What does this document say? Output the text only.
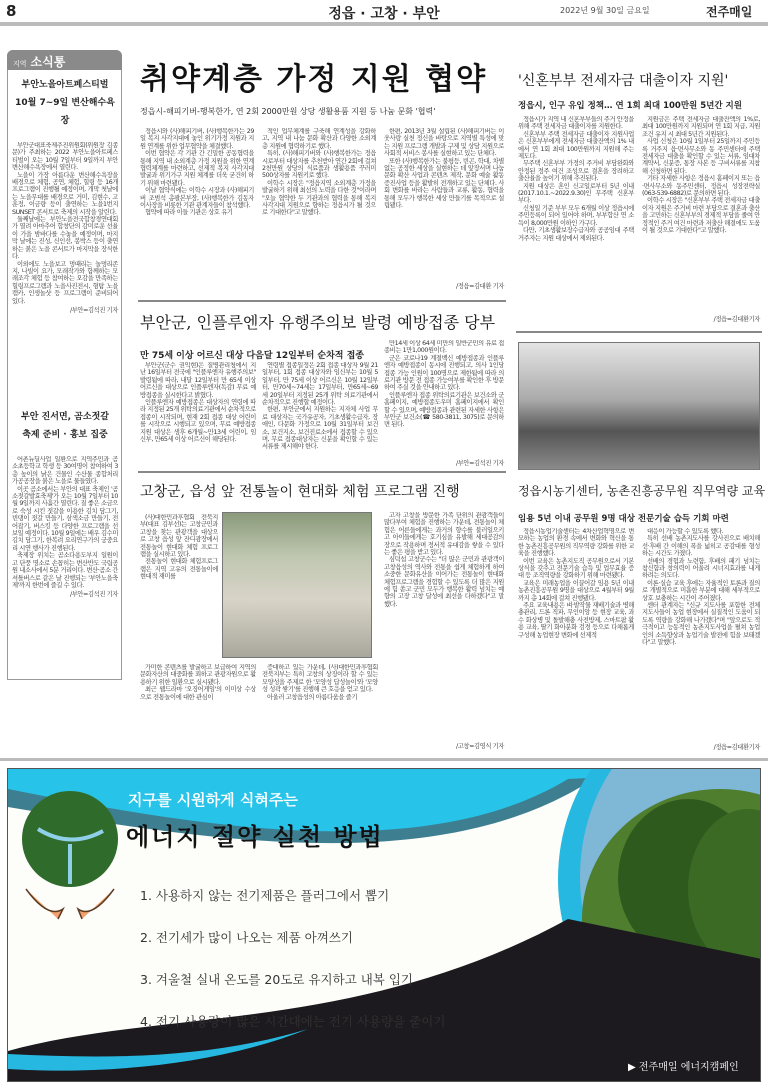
8	정읍 · 고창 · 부안	2022년 9월 30일 금요일	전주매일
지역 소식통
부안노을아트페스티벌
10월 7~9일 변산해수욕장

부안군대표축제추진위원회(위원장 김종문)가 주최하는 2022 부안노을아트페스티벌이 오는 10월 7일부터 9일까지 부안변산해수욕장에서 열린다.

노을이 가장 아름다운 변산해수욕장을 배경으로 체험, 공연, 체험, 힐링 등 16개 프로그램이 진행될 예정이며, 개막 첫날에는 노을무대를 배경으로 거미, 김현수, 고훈정, 이금량 등이 출연하는 노을1번지 SUNSET 콘서트로 축제의 시작을 알린다.

둘째날에는 부안노을전국합창경연대회가 열려 아마추어 합창단의 감미로운 선율이 가을 밤바다를 수놓을 예정이며, 마지막 날에는 진성, 신인선, 봉박스 등이 출연하는 붉은 노을 콘서트가 마지막을 장식한다.

이외에도 노을보고 멍때리는 놀멍리존지, 나빌이 요가, 모래작가와 함께하는 모래조각 체험 등 참여하는 오감을 만족하는 힐링프로그램과 노을사진전시, 형탐 노을캠카, 인생놀샷 등 프로그램이 준비되어 있다.

/부안=김석진 기자
부안 진서면, 곰소젓갈
축제 준비 · 홍보 집중

어촌뉴딜사업 일환으로 지역주민과 곰소초등학교 학생 등 30여명이 참여하여 3층 높이의 낡은 건물인 수산물 종합처리 가공공장을 붉은 노을로 물들였다.

이곳 곰소에서는 부안의 대표 축제인 '곰소젓갈발효축제'가 오는 10월 7일부터 10월 9일까지 사흘간 열린다. 질 좋은 소금으로 숙성 시킨 젓갈을 이용한 김치 담그기, 빈댕이 젓갈 만들기, 삼색소금 만들기, 전어잡기, 버스킹 등 다양한 프로그램을 선보일 예정이다. 10월 9일에는 배우 김수미 김치 담그기, 한복려 요리연구가의 궁중요리 시연 행사가 진행된다.

축제장 위치는 곰소다용도부지 일원이고 단풍 명소로 손꼽히는 변산반도 국립공원 내소사에서 5분 거리이다. 변산·곰소 간 셔틀버스로 같은 날 진행되는 '부안노을축제'까지 한번에 즐길 수 있다.

/부안=김석진 기자
취약계층 가정 지원 협약
정읍시-해피기버-행복한가, 연 2회 2000만원 상당 생활용품 지원 등 나눔 문화 '협력'

정읍시와 (사)해피기버, (사)행복한가는 29일 복지 사각지대에 놓인 위기가정 지원과 지원 연계를 위한 업무협약을 체결했다.

이번 협약은 각 기관 간 긴밀한 공동협력을 통해 지역 내 소외계층 가정 지원을 위한 연계 협력체계를 마련하고, 선제적 복지 사각지대 발굴과 위기가구 지원 체계를 더욱 굳건히 하기 위해 마련됐다.

이날 협약식에는 이학수 시장과 (사)해피기버 조범석 총괄본부장, (사)행복한가 김동자 이사장을 비롯한 기관 관계자들이 참석했다.

협약에 따라 이들 기관은 상호 유기

적인 업무체계를 구축해 연계성을 강화하고, 지역 내 나눔 문화 확산과 다양한 소외계층 지원에 협력하기로 했다.

특히, (사)해피기버와 (사)행복한가는 정읍시로부터 대상자를 추천받아 연간 2회에 걸쳐 2천만원 상당의 식료품과 생활용품 꾸러미 500상자를 지원키로 했다.

이학수 시장은 "정읍지역 소외계층 가정을 발굴하기 위해 최선의 노력을 다한 것"이라며 "오늘 협약한 두 기관과의 협력을 통해 복지 사각지대 지원으로 향하는 정읍시가 될 것으로 기대한다"고 말했다.

한편, 2013년 3월 설립된 (사)해피기버는 이웃사랑 실천 정신을 바탕으로 지역별 특성에 맞는 지원 프로그램 개발과 구제 및 상담 지원으로 사회적 서비스 봉사를 실현하고 있는 단체다.

또한 (사)행복한가는 불평등, 빈곤, 학대, 차별 없는 공정한 세상을 실현하는 데 앞장서며 나눔문화 확산 사업과 콘텐츠 제작, 문화 예술 활동 증진사업 등을 활발히 전개하고 있는 단체다. 사회 변화를 바라는 사람들과 교류, 활동, 협력을 통해 모두가 행복한 세상 만들기를 목적으로 설립됐다.

/정읍=김대환 기자
부안군, 인플루엔자 유행주의보 발령 예방접종 당부
만 75세 이상 어르신 대상 다음달 12일부터 순차적 접종

부안군(군수 권익현)은 질병관리청에서 지난 16일부터 전국에 "인플루엔자 유행주의보" 발령됨에 따라, 내달 12일부터 만 65세 이상 어르신을 대상으로 인플루엔자(독감) 무료 예방접종을 실시한다고 밝혔다.

인플루엔자 예방접종은 대상자의 연령에 따라 지정된 25개 위탁의료기관에서 순차적으로 접종이 시작되며, 현재 2회 접종 대상 어린이를 시작으로 시행되고 있으며, 무료 예방접종 지원 대상은 생후 6개월~만13세 어린이, 임신부, 만65세 이상 어르신이 해당된다.

연령별 접종일정은 2회 접종 대상자 9월 21일부터, 1회 접종 대상자와 임신부는 10월 5일부터, 만 75세 이상 어르신은 10월 12일부터, 만70세~74세는 17일부터, 만65세~69세 20일부터 지정된 25개 위탁 의료기관에서 순차적으로 진행할 예정이다.

한편, 부안군에서 지원하는 지자체 사업 무료 대상자는 국가유공자, 기초생활수급자, 장애인, 다문화 가정으로 10월 31일부터 보건소, 보건지소, 보건진료소에서 접종할 수 있으며, 무료 접종대상자는 신분을 확인할 수 있는 서류를 제시해야 한다.

만14세 이상 64세 미만의 일반군민의 유료 접종비는 1만1,000원이다.

군은 코로나19 계절백신 예방접종과 인플루엔자 예방접종이 동시에 진행되고, 의사 1인당 접종 가능 인원이 100명으로 제한됨에 따라 의료기관 방문 전 접종 가능여부를 확인한 후 방문하여 주실 것을 안내하고 있다.

인플루엔자 접종 위탁의료기관은 보건소와 군 홈페이지, 예방접종도우미 홈페이지에서 확인할 수 있으며, 예방접종과 관련된 자세한 사항은 부안군 보건소(☎ 580-3811, 3075)로 문의하면 된다.

/부안=김석진 기자
고창군, 읍성 앞 전통놀이 현대화 체험 프로그램 진행

(사)대한민과후협회 전북지부(대표 김부선)는 고창군민과 고창을 찾는 관광객을 대상으로 고창 읍성 앞 잔디광장에서 전통놀이 현대화 체험 프로그램을 실시하고 있다.

전통놀이 현대화 체험프로그램은 지역 고유의 전통놀이에 현대적 재미를

가미한 콘텐츠를 발굴하고 보급하여 지역의 문화자산의 대중화를 꾀하고 관광자원으로 활용하기 위한 일환으로 실시됐다.

최근 웹드라마 '오징어게임'의 이미상 수상으로 전통놀이에 대한 관심이

증대하고 있는 가운데, (사)대한민과후협회 전북지부는 특히 고창의 상징이라 할 수 있는 모양성을 주제로 한 '모양성 답성놀이'와 '모양성 성곽 쌓기'를 진행해 큰 호응을 얻고 있다.

아울러 고창읍성의 아름다움을 즐기

고자 고창을 방문한 가족 단위의 관광객들이 많다부여 체험을 진행하는 가운데, 전통놀이 체험은 어른들에게는 과거의 향수를 불러일으키고 아이들에게는 호기심을 유발해 세대공감의 장으로 작용하며 정서적 유대감을 쌓을 수 있다는 좋은 평을 받고 있다.

심덕섭 고창군수는 "더 많은 군민과 관광객이 고창읍성의 역사와 전통을 쉽게 체험하게 하여 소중한 문화유산을 이어가는 전통놀이 현대화 체험프로그램을 경험할 수 있도록 더 많은 지원에 힘 쏟고 군민 모두가 행복한 활력 넘치는 예향의 고장 고창 달성에 최선을 다하겠다"고 말했다.

/고창=김영식 기자
'신혼부부 전세자금 대출이자 지원'
정읍시, 인구 유입 정책… 연 1회 최대 100만원 5년간 지원

정읍시가 지역 내 신혼부부들의 주거 안정을 위해 주택 전세자금 대출이자를 지원한다.

신혼부부 주택 전세자금 대출이자 지원사업은 신혼부부에게 전세자금 대출잔액의 1% 내에서 연 1회 최대 100만원까지 지원해 주는 제도다.

무주택 신혼부부 가정의 주거비 부담완화와 안정된 정주 여건 조성으로 결혼을 장려하고 출산율을 높이기 위해 추진된다.

지원 대상은 혼인 신고일로부터 5년 이내(2017.10.1.~2022.9.30)인 무주택 신혼부부다.

신청일 기준 부부 모두 6개월 이상 정읍시에 주민등록이 되어 있어야 하며, 부부합산 연 소득이 8,000만원 이하인 가구다.

다만, 기초생활보장수급자와 공공임대 주택 거주자는 지원 대상에서 제외된다.

지원금은 주택 전세자금 대출잔액의 1%로, 최대 100만원까지 지원되며 연 1회 지급, 지원 조건 유지 시 최대 5년간 지원된다.

사업 신청은 10월 1일부터 25일까지 주민등록 거주지 읍·면사무소와 동 주민센터에 주택 전세자금 대출을 확인할 수 있는 서류, 임대차 계약서, 신분증, 통장 사본 등 구비서류를 지참해 신청하면 된다.

기타 자세한 사항은 정읍시 홈페이지 또는 읍·면사무소와 동주민센터, 정읍시 성장전략실(063-539-6882)로 문의하면 된다.

이학수 시장은 "신혼부부 주택 전세자금 대출이자 지원은 주거비 마련 부담으로 결혼과 출산을 고민하는 신혼부부의 경제적 부담을 줄여 안정적인 주거 여건 마련과 저출산 해결에도 도움이 될 것으로 기대한다"고 말했다.

/정읍=김대환기자
정읍시농기센터, 농촌진흥공무원 직무역량 교육
임용 5년 이내 공무원 9명 대상 전문기술 습득 기회 마련

정읍시농업기술센터는 4차산업혁명으로 변모하는 농업의 환경 속에서 변화와 혁신을 통한 농촌진흥공무원의 직무역량 강화를 위한 교육을 진행했다.

이번 교육은 농촌지도직 공무원으로서 기본 상식을 갖추고 전문기술 습득 및 업무효율 증대 등 조직역량을 강화하기 위해 마련됐다.

교육은 미래농업을 이끌어갈 임용 5년 이내 농촌진흥공무원 9명을 대상으로 4월부터 9월까지 총 14회에 걸쳐 진행됐다.

주요 교육내용은 벼·밭작물 재배기술과 병해충관리, 드론 직파, 무인이앙 등 현장 교육, 과수 화상병 및 돌발해충 사전방제, 스마트팜 활용 교육, 딸기 화아분화 검경 등으로 다채롭게 구성해 농업현장 변화에 선제적

대응이 가능할 수 있도록 했다.

특히 선배 농촌지도사를 강사진으로 배치해 선·후배 간 이해의 폭을 넓히고 공감대를 형성하는 시간도 가졌다.

선배의 경험과 노련함, 후배의 패기 넘치는 참신함과 창의력이 어울려 시너지효과를 내게 하려는 의도다.

이론·실습 교육 후에는 자율적인 토론과 질의로 개별적으로 미흡한 부분에 대해 세부적으로 상호 보충하는 시간이 주어졌다.

센터 관계자는 "신규 지도사를 포함한 전체 지도사들이 농업 현장에서 실질적인 도움이 되도록 역량을 강화해 나가겠다"며 "앞으로도 적극적이고 능동적인 농촌지도사업을 펼쳐 농업인의 소득향상과 농업기술 발전에 힘을 보태겠다"고 말했다.

/정읍=김대환기자
지구를 시원하게 식혀주는
에너지 절약 실천 방법
1. 사용하지 않는 전기제품은 플러그에서 뽑기
2. 전기세가 많이 나오는 제품 아껴쓰기
3. 겨울철 실내 온도를 20도로 유지하고 내복 입기
4. 전기 사용량이 많은 시간대에는 전기 사용량을 줄이기
▶ 전주매일 에너지캠페인
